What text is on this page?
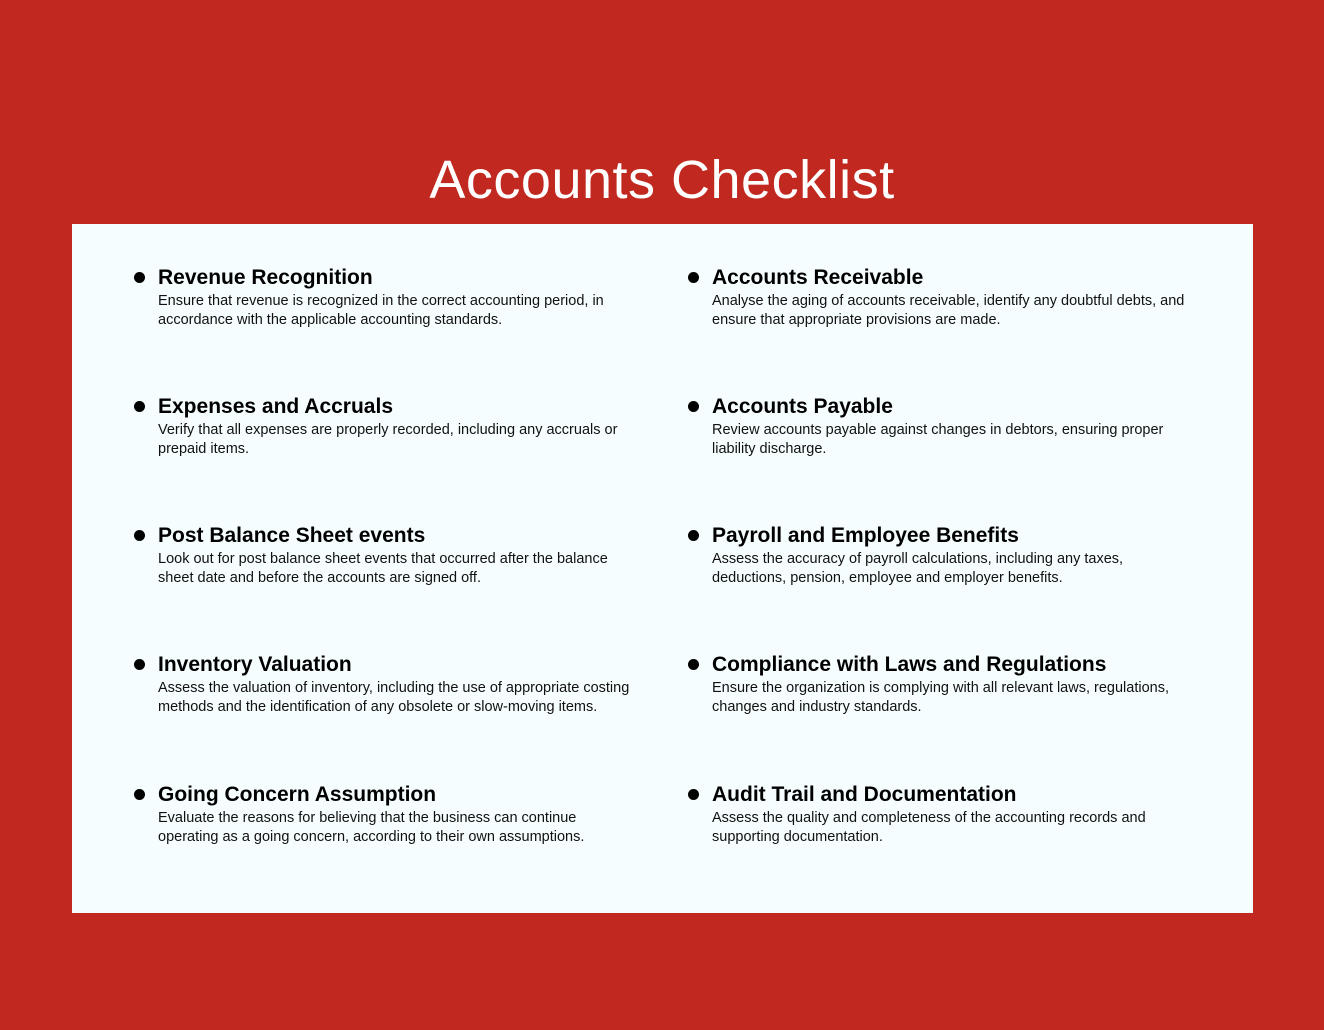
Accounts Checklist
Revenue Recognition
Ensure that revenue is recognized in the correct accounting period, in accordance with the applicable accounting standards.
Expenses and Accruals
Verify that all expenses are properly recorded, including any accruals or prepaid items.
Post Balance Sheet events
Look out for post balance sheet events that occurred after the balance sheet date and before the accounts are signed off.
Inventory Valuation
Assess the valuation of inventory, including the use of appropriate costing methods and the identification of any obsolete or slow-moving items.
Going Concern Assumption
Evaluate the reasons for believing that the business can continue operating as a going concern, according to their own assumptions.
Accounts Receivable
Analyse the aging of accounts receivable, identify any doubtful debts, and ensure that appropriate provisions are made.
Accounts Payable
Review accounts payable against changes in debtors, ensuring proper liability discharge.
Payroll and Employee Benefits
Assess the accuracy of payroll calculations, including any taxes, deductions, pension, employee and employer benefits.
Compliance with Laws and Regulations
Ensure the organization is complying with all relevant laws, regulations, changes and industry standards.
Audit Trail and Documentation
Assess the quality and completeness of the accounting records and supporting documentation.
